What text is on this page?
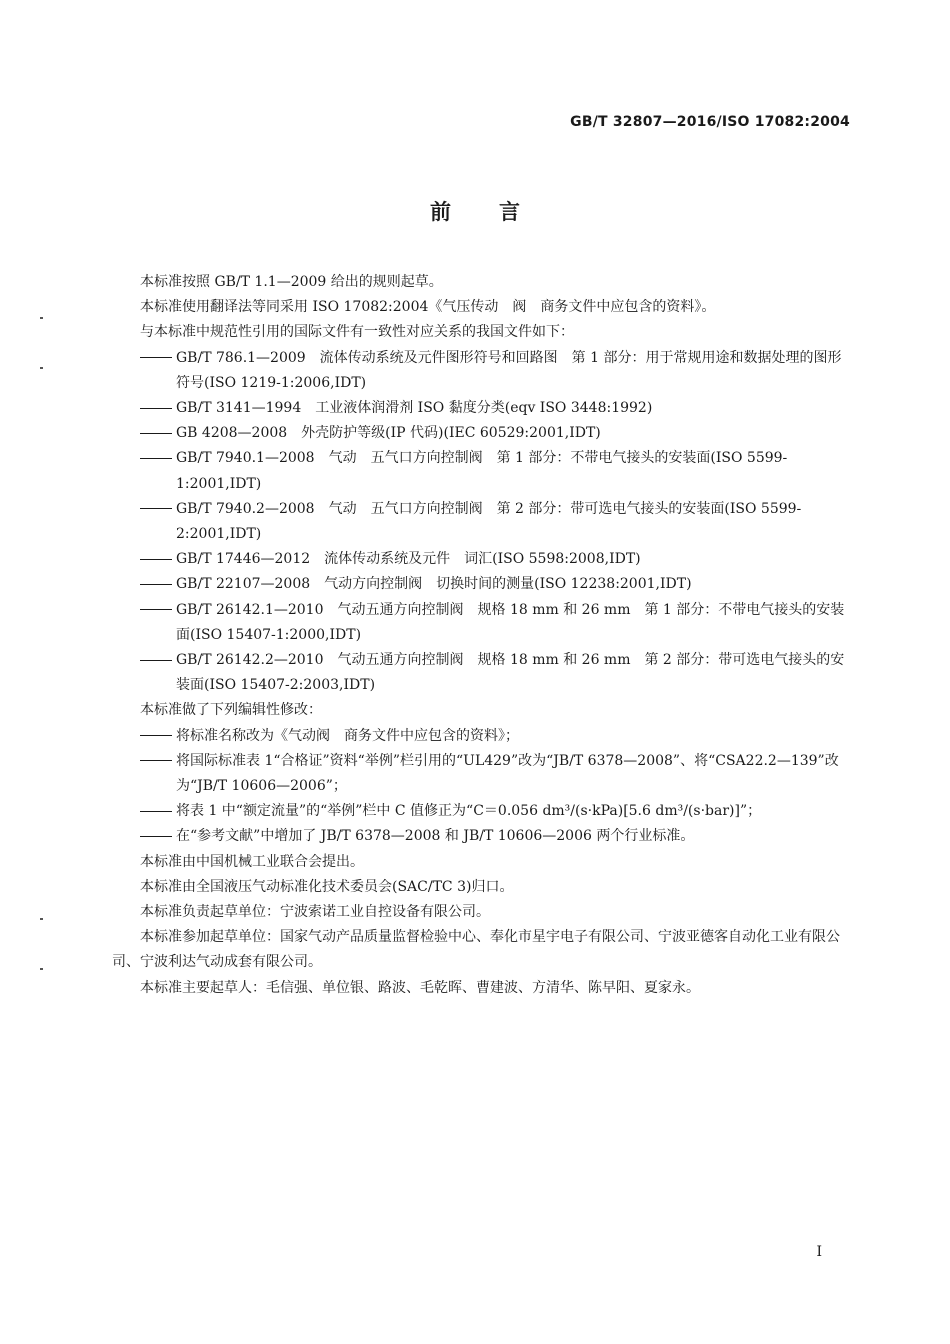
GB/T 32807—2016/ISO 17082:2004
前言

本标准按照 GB/T 1.1—2009 给出的规则起草。

本标准使用翻译法等同采用 ISO 17082:2004《气压传动　阀　商务文件中应包含的资料》。

与本标准中规范性引用的国际文件有一致性对应关系的我国文件如下：

GB/T 786.1—2009　流体传动系统及元件图形符号和回路图　第 1 部分：用于常规用途和数据处理的图形符号(ISO 1219-1:2006,IDT)

GB/T 3141—1994　工业液体润滑剂 ISO 黏度分类(eqv ISO 3448:1992)

GB 4208—2008　外壳防护等级(IP 代码)(IEC 60529:2001,IDT)

GB/T 7940.1—2008　气动　五气口方向控制阀　第 1 部分：不带电气接头的安装面(ISO 5599-1:2001,IDT)

GB/T 7940.2—2008　气动　五气口方向控制阀　第 2 部分：带可选电气接头的安装面(ISO 5599-2:2001,IDT)

GB/T 17446—2012　流体传动系统及元件　词汇(ISO 5598:2008,IDT)

GB/T 22107—2008　气动方向控制阀　切换时间的测量(ISO 12238:2001,IDT)

GB/T 26142.1—2010　气动五通方向控制阀　规格 18 mm 和 26 mm　第 1 部分：不带电气接头的安装面(ISO 15407-1:2000,IDT)

GB/T 26142.2—2010　气动五通方向控制阀　规格 18 mm 和 26 mm　第 2 部分：带可选电气接头的安装面(ISO 15407-2:2003,IDT)

本标准做了下列编辑性修改：

将标准名称改为《气动阀　商务文件中应包含的资料》；

将国际标准表 1“合格证”资料“举例”栏引用的“UL429”改为“JB/T 6378—2008”、将“CSA22.2—139”改为“JB/T 10606—2006”；

将表 1 中“额定流量”的“举例”栏中 C 值修正为“C＝0.056 dm³/(s·kPa)[5.6 dm³/(s·bar)]”；

在“参考文献”中增加了 JB/T 6378—2008 和 JB/T 10606—2006 两个行业标准。

本标准由中国机械工业联合会提出。

本标准由全国液压气动标准化技术委员会(SAC/TC 3)归口。

本标准负责起草单位：宁波索诺工业自控设备有限公司。

本标准参加起草单位：国家气动产品质量监督检验中心、奉化市星宇电子有限公司、宁波亚德客自动化工业有限公司、宁波利达气动成套有限公司。

本标准主要起草人：毛信强、单位银、路波、毛乾晖、曹建波、方清华、陈早阳、夏家永。

I
